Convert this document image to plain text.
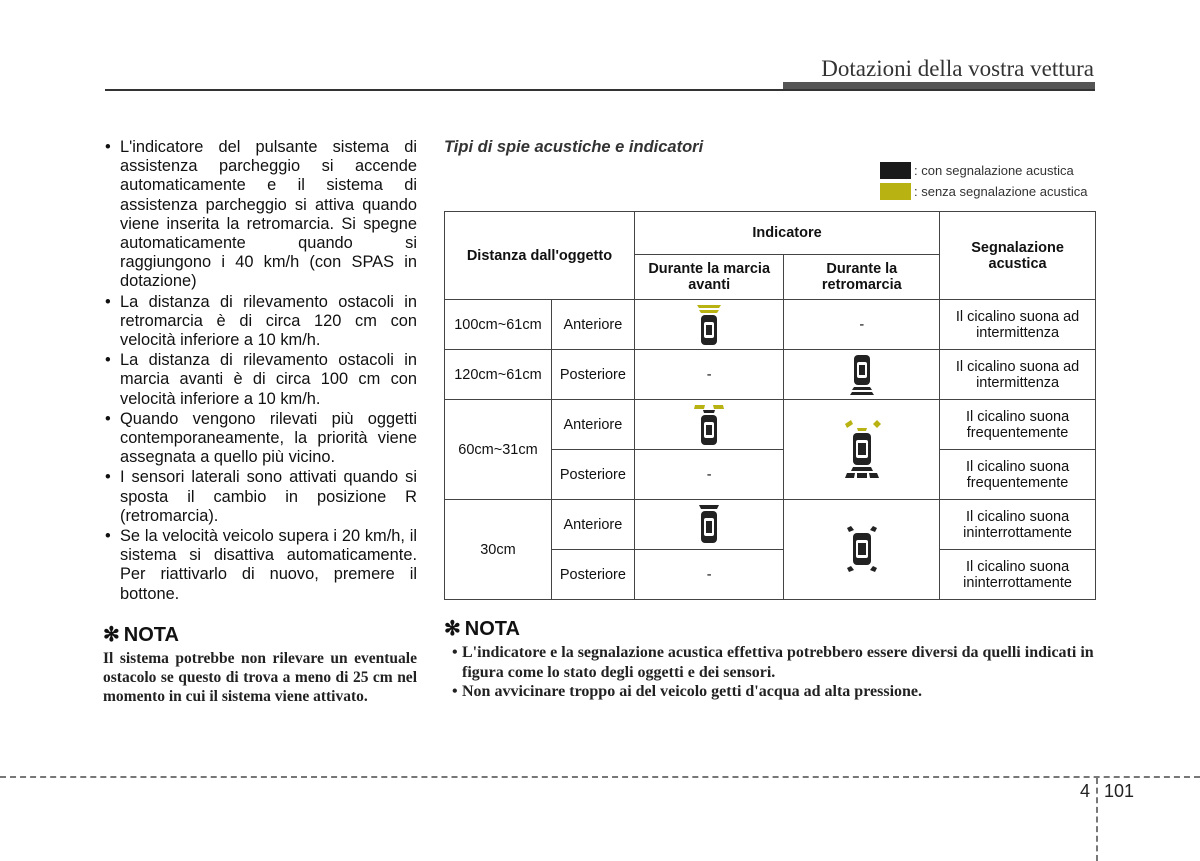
Dotazioni della vostra vettura
• L'indicatore del pulsante sistema di assistenza parcheggio si accende automaticamente e il sistema di assistenza parcheggio si attiva quando viene inserita la retromarcia. Si spegne automaticamente quando si raggiungono i 40 km/h (con SPAS in dotazione)
• La distanza di rilevamento ostacoli in retromarcia è di circa 120 cm con velocità inferiore a 10 km/h.
• La distanza di rilevamento ostacoli in marcia avanti è di circa 100 cm con velocità inferiore a 10 km/h.
• Quando vengono rilevati più oggetti contemporaneamente, la priorità viene assegnata a quello più vicino.
• I sensori laterali sono attivati quando si sposta il cambio in posizione R (retromarcia).
• Se la velocità veicolo supera i 20 km/h, il sistema si disattiva automaticamente. Per riattivarlo di nuovo, premere il bottone.
✻ NOTA
Il sistema potrebbe non rilevare un eventuale ostacolo se questo di trova a meno di 25 cm nel momento in cui il sistema viene attivato.
Tipi di spie acustiche e indicatori
: con segnalazione acustica
: senza segnalazione acustica
Distanza dall'oggetto		Indicatore		Segnalazione acustica
		Durante la marcia avanti	Durante la retromarcia	
100cm~61cm	Anteriore		-	Il cicalino suona ad intermittenza
120cm~61cm	Posteriore	-		Il cicalino suona ad intermittenza
60cm~31cm	Anteriore			Il cicalino suona frequentemente
	Posteriore	-		Il cicalino suona frequentemente
30cm	Anteriore			Il cicalino suona ininterrottamente
	Posteriore	-		Il cicalino suona ininterrottamente
✻ NOTA
• L'indicatore e la segnalazione acustica effettiva potrebbero essere diversi da quelli indicati in figura come lo stato degli oggetti e dei sensori.
• Non avvicinare troppo ai del veicolo getti d'acqua ad alta pressione.
4 101
